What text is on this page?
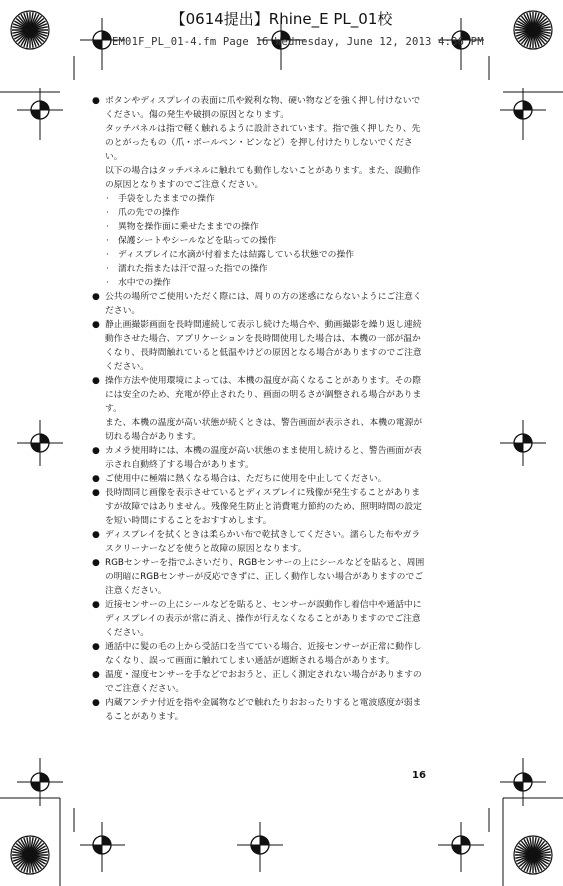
【0614提出】Rhine_E PL_01校
EM01F_PL_01-4.fm Page 16 Wednesday, June 12, 2013 4:36 PM
● ボタンやディスプレイの表面に爪や鋭利な物、硬い物などを強く押し付けないでください。傷の発生や破損の原因となります。

タッチパネルは指で軽く触れるように設計されています。指で強く押したり、先のとがったもの（爪・ボールペン・ピンなど）を押し付けたりしないでください。

以下の場合はタッチパネルに触れても動作しないことがあります。また、誤動作の原因となりますのでご注意ください。

·	手袋をしたままでの操作
·	爪の先での操作
·	異物を操作面に乗せたままでの操作
·	保護シートやシールなどを貼っての操作
·	ディスプレイに水滴が付着または結露している状態での操作
·	濡れた指または汗で湿った指での操作
·	水中での操作
● 公共の場所でご使用いただく際には、周りの方の迷惑にならないようにご注意ください。

● 静止画撮影画面を長時間連続して表示し続けた場合や、動画撮影を繰り返し連続動作させた場合、アプリケーションを長時間使用した場合は、本機の一部が温かくなり、長時間触れていると低温やけどの原因となる場合がありますのでご注意ください。

● 操作方法や使用環境によっては、本機の温度が高くなることがあります。その際には安全のため、充電が停止されたり、画面の明るさが調整される場合があります。

また、本機の温度が高い状態が続くときは、警告画面が表示され、本機の電源が切れる場合があります。

● カメラ使用時には、本機の温度が高い状態のまま使用し続けると、警告画面が表示され自動終了する場合があります。

● ご使用中に極端に熱くなる場合は、ただちに使用を中止してください。

● 長時間同じ画像を表示させているとディスプレイに残像が発生することがありますが故障ではありません。残像発生防止と消費電力節約のため、照明時間の設定を短い時間にすることをおすすめします。

● ディスプレイを拭くときは柔らかい布で乾拭きしてください。濡らした布やガラスクリーナーなどを使うと故障の原因となります。

● RGBセンサーを指でふさいだり、RGBセンサーの上にシールなどを貼ると、周囲の明暗にRGBセンサーが反応できずに、正しく動作しない場合がありますのでご注意ください。

● 近接センサーの上にシールなどを貼ると、センサーが誤動作し着信中や通話中にディスプレイの表示が常に消え、操作が行えなくなることがありますのでご注意ください。

● 通話中に髪の毛の上から受話口を当てている場合、近接センサーが正常に動作しなくなり、誤って画面に触れてしまい通話が遮断される場合があります。

● 温度・湿度センサーを手などでおおうと、正しく測定されない場合がありますのでご注意ください。

● 内蔵アンテナ付近を指や金属物などで触れたりおおったりすると電波感度が弱まることがあります。

16
